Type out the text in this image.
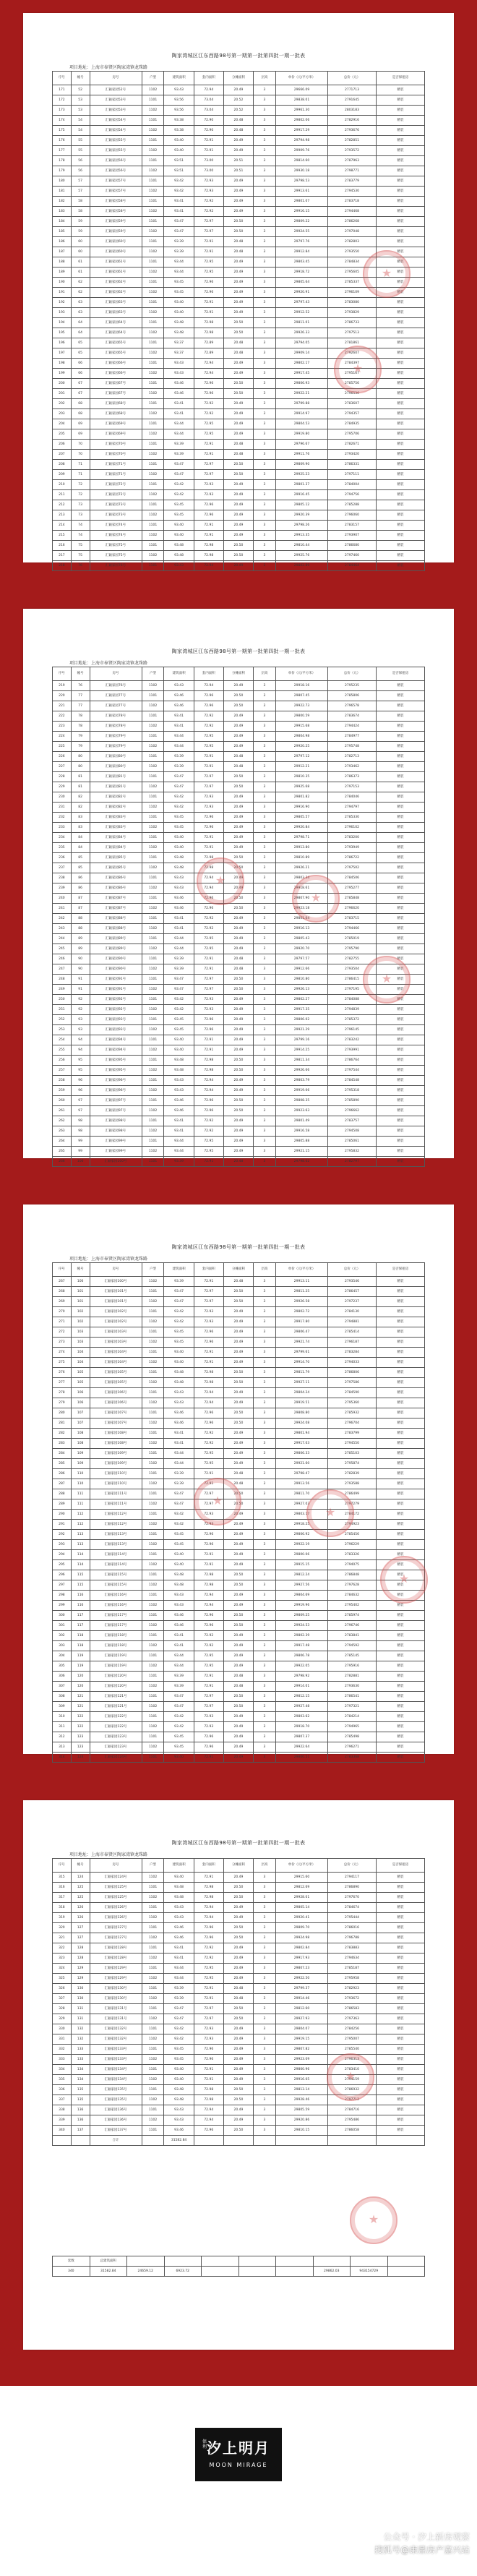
陶家湾城区江东西路98号第一期第一批第四批一期一批表
项目地址：上海市奉贤区陶家湾镇龙珠路
序号	幢号	房号	户型	建筑面积	套内面积	分摊面积	层高	单价（元/平方米）	总价（元）	是否保租房
171	52	汇颖家园52号	1102	93.43	72.94	20.49	3	29666.09	2771713	精装
172	53	汇颖家园53号	1101	93.56	73.04	20.52	3	29838.01	2791645	精装
173	53	汇颖家园53号	1102	93.56	73.04	20.52	3	29961.30	2803183	精装
174	54	汇颖家园54号	1101	93.38	72.90	20.48	3	29802.06	2782916	精装
175	54	汇颖家园54号	1102	93.38	72.90	20.48	3	29917.29	2793676	精装
176	55	汇颖家园55号	1101	93.40	72.91	20.49	3	29794.98	2782851	精装
177	55	汇颖家园55号	1102	93.40	72.91	20.49	3	29909.76	2793572	精装
178	56	汇颖家园56号	1101	93.51	73.00	20.51	3	29814.60	2787963	精装
179	56	汇颖家园56号	1102	93.51	73.00	20.51	3	29930.18	2798771	精装
180	57	汇颖家园57号	1101	93.42	72.93	20.49	3	29798.53	2783779	精装
181	57	汇颖家园57号	1102	93.42	72.93	20.49	3	29913.61	2794530	精装
182	58	汇颖家园58号	1101	93.41	72.92	20.49	3	29801.07	2783718	精装
183	58	汇颖家园58号	1102	93.41	72.92	20.49	3	29916.15	2794468	精装
184	59	汇颖家园59号	1101	93.47	72.97	20.50	3	29809.22	2786268	精装
185	59	汇颖家园59号	1102	93.47	72.97	20.50	3	29924.55	2797048	精装
186	60	汇颖家园60号	1101	93.39	72.91	20.48	3	29797.76	2782803	精装
187	60	汇颖家园60号	1102	93.39	72.91	20.48	3	29912.84	2793550	精装
188	61	汇颖家园61号	1101	93.44	72.95	20.49	3	29803.45	2784834	精装
189	61	汇颖家园61号	1102	93.44	72.95	20.49	3	29918.72	2795605	精装
190	62	汇颖家园62号	1101	93.45	72.96	20.49	3	29805.64	2785337	精装
191	62	汇颖家园62号	1102	93.45	72.96	20.49	3	29920.91	2796109	精装
192	63	汇颖家园63号	1101	93.40	72.91	20.49	3	29797.43	2783080	精装
193	63	汇颖家园63号	1102	93.40	72.91	20.49	3	29912.52	2793829	精装
194	64	汇颖家园64号	1101	93.48	72.98	20.50	3	29811.01	2786733	精装
195	64	汇颖家园64号	1102	93.48	72.98	20.50	3	29926.33	2797513	精装
196	65	汇颖家园65号	1101	93.37	72.89	20.48	3	29794.05	2781861	精装
197	65	汇颖家园65号	1102	93.37	72.89	20.48	3	29909.14	2792607	精装
198	66	汇颖家园66号	1101	93.43	72.94	20.49	3	29802.17	2784397	精装
199	66	汇颖家园66号	1102	93.43	72.94	20.49	3	29917.45	2795167	精装
200	67	汇颖家园67号	1101	93.46	72.96	20.50	3	29806.93	2785756	精装
201	67	汇颖家园67号	1102	93.46	72.96	20.50	3	29922.21	2796530	精装
202	68	汇颖家园68号	1101	93.41	72.92	20.49	3	29799.88	2783607	精装
203	68	汇颖家园68号	1102	93.41	72.92	20.49	3	29914.97	2794357	精装
204	69	汇颖家园69号	1101	93.44	72.95	20.49	3	29804.53	2784935	精装
205	69	汇颖家园69号	1102	93.44	72.95	20.49	3	29919.80	2795706	精装
206	70	汇颖家园70号	1101	93.39	72.91	20.48	3	29796.67	2782671	精装
207	70	汇颖家园70号	1102	93.39	72.91	20.48	3	29911.76	2793420	精装
208	71	汇颖家园71号	1101	93.47	72.97	20.50	3	29809.90	2786331	精装
209	71	汇颖家园71号	1102	93.47	72.97	20.50	3	29925.23	2797111	精装
210	72	汇颖家园72号	1101	93.42	72.93	20.49	3	29801.37	2784004	精装
211	72	汇颖家园72号	1102	93.42	72.93	20.49	3	29916.45	2794756	精装
212	73	汇颖家园73号	1101	93.45	72.96	20.49	3	29805.12	2785288	精装
213	73	汇颖家园73号	1102	93.45	72.96	20.49	3	29920.39	2796060	精装
214	74	汇颖家园74号	1101	93.40	72.91	20.49	3	29798.26	2783157	精装
215	74	汇颖家园74号	1102	93.40	72.91	20.49	3	29913.35	2793907	精装
216	75	汇颖家园75号	1101	93.48	72.98	20.50	3	29810.44	2786680	精装
217	75	汇颖家园75号	1102	93.48	72.98	20.50	3	29925.76	2797460	精装
218	76	汇颖家园76号	1101	93.43	72.94	20.49	3	29802.89	2784464	精装
★
★
陶家湾城区江东西路98号第一期第一批第四批一期一批表
项目地址：上海市奉贤区陶家湾镇龙珠路
序号	幢号	房号	户型	建筑面积	套内面积	分摊面积	层高	单价（元/平方米）	总价（元）	是否保租房
219	76	汇颖家园76号	1102	93.43	72.94	20.49	3	29918.16	2795235	精装
220	77	汇颖家园77号	1101	93.46	72.96	20.50	3	29807.45	2785806	精装
221	77	汇颖家园77号	1102	93.46	72.96	20.50	3	29922.73	2796578	精装
222	78	汇颖家园78号	1101	93.41	72.92	20.49	3	29800.59	2783674	精装
223	78	汇颖家园78号	1102	93.41	72.92	20.49	3	29915.68	2794424	精装
224	79	汇颖家园79号	1101	93.44	72.95	20.49	3	29804.98	2784977	精装
225	79	汇颖家园79号	1102	93.44	72.95	20.49	3	29920.25	2795748	精装
226	80	汇颖家园80号	1101	93.39	72.91	20.48	3	29797.12	2782713	精装
227	80	汇颖家园80号	1102	93.39	72.91	20.48	3	29912.21	2793462	精装
228	81	汇颖家园81号	1101	93.47	72.97	20.50	3	29810.35	2786373	精装
229	81	汇颖家园81号	1102	93.47	72.97	20.50	3	29925.68	2797153	精装
230	82	汇颖家园82号	1101	93.42	72.93	20.49	3	29801.82	2784046	精装
231	82	汇颖家园82号	1102	93.42	72.93	20.49	3	29916.90	2794797	精装
232	83	汇颖家园83号	1101	93.45	72.96	20.49	3	29805.57	2785330	精装
233	83	汇颖家园83号	1102	93.45	72.96	20.49	3	29920.84	2796102	精装
234	84	汇颖家园84号	1101	93.40	72.91	20.49	3	29798.71	2783200	精装
235	84	汇颖家园84号	1102	93.40	72.91	20.49	3	29913.80	2793949	精装
236	85	汇颖家园85号	1101	93.48	72.98	20.50	3	29810.89	2786722	精装
237	85	汇颖家园85号	1102	93.48	72.98	20.50	3	29926.21	2797502	精装
238	86	汇颖家园86号	1101	93.43	72.94	20.49	3	29803.34	2784506	精装
239	86	汇颖家园86号	1102	93.43	72.94	20.49	3	29918.61	2795277	精装
240	87	汇颖家园87号	1101	93.46	72.96	20.50	3	29807.90	2785848	精装
241	87	汇颖家园87号	1102	93.46	72.96	20.50	3	29923.18	2796620	精装
242	88	汇颖家园88号	1101	93.41	72.92	20.49	3	29801.04	2783715	精装
243	88	汇颖家园88号	1102	93.41	72.92	20.49	3	29916.13	2794466	精装
244	89	汇颖家园89号	1101	93.44	72.95	20.49	3	29805.43	2785019	精装
245	89	汇颖家园89号	1102	93.44	72.95	20.49	3	29920.70	2795790	精装
246	90	汇颖家园90号	1101	93.39	72.91	20.48	3	29797.57	2782755	精装
247	90	汇颖家园90号	1102	93.39	72.91	20.48	3	29912.66	2793504	精装
248	91	汇颖家园91号	1101	93.47	72.97	20.50	3	29810.80	2786415	精装
249	91	汇颖家园91号	1102	93.47	72.97	20.50	3	29926.13	2797195	精装
250	92	汇颖家园92号	1101	93.42	72.93	20.49	3	29802.27	2784088	精装
251	92	汇颖家园92号	1102	93.42	72.93	20.49	3	29917.35	2794839	精装
252	93	汇颖家园93号	1101	93.45	72.96	20.49	3	29806.02	2785372	精装
253	93	汇颖家园93号	1102	93.45	72.96	20.49	3	29921.29	2796145	精装
254	94	汇颖家园94号	1101	93.40	72.91	20.49	3	29799.16	2783242	精装
255	94	汇颖家园94号	1102	93.40	72.91	20.49	3	29914.25	2793991	精装
256	95	汇颖家园95号	1101	93.48	72.98	20.50	3	29811.34	2786764	精装
257	95	汇颖家园95号	1102	93.48	72.98	20.50	3	29926.66	2797544	精装
258	96	汇颖家园96号	1101	93.43	72.94	20.49	3	29803.79	2784548	精装
259	96	汇颖家园96号	1102	93.43	72.94	20.49	3	29919.06	2795318	精装
260	97	汇颖家园97号	1101	93.46	72.96	20.50	3	29808.35	2785890	精装
261	97	汇颖家园97号	1102	93.46	72.96	20.50	3	29923.63	2796662	精装
262	98	汇颖家园98号	1101	93.41	72.92	20.49	3	29801.49	2783757	精装
263	98	汇颖家园98号	1102	93.41	72.92	20.49	3	29916.58	2794508	精装
264	99	汇颖家园99号	1101	93.44	72.95	20.49	3	29805.88	2785061	精装
265	99	汇颖家园99号	1102	93.44	72.95	20.49	3	29921.15	2795832	精装
266	100	汇颖家园100号	1101	93.39	72.91	20.48	3	29798.02	2782797	精装
★
★
★
陶家湾城区江东西路98号第一期第一批第四批一期一批表
项目地址：上海市奉贤区陶家湾镇龙珠路
序号	幢号	房号	户型	建筑面积	套内面积	分摊面积	层高	单价（元/平方米）	总价（元）	是否保租房
267	100	汇颖家园100号	1102	93.39	72.91	20.48	3	29913.11	2793546	精装
268	101	汇颖家园101号	1101	93.47	72.97	20.50	3	29811.25	2786457	精装
269	101	汇颖家园101号	1102	93.47	72.97	20.50	3	29926.58	2797237	精装
270	102	汇颖家园102号	1101	93.42	72.93	20.49	3	29802.72	2784130	精装
271	102	汇颖家园102号	1102	93.42	72.93	20.49	3	29917.80	2794881	精装
272	103	汇颖家园103号	1101	93.45	72.96	20.49	3	29806.47	2785414	精装
273	103	汇颖家园103号	1102	93.45	72.96	20.49	3	29921.74	2796187	精装
274	104	汇颖家园104号	1101	93.40	72.91	20.49	3	29799.61	2783284	精装
275	104	汇颖家园104号	1102	93.40	72.91	20.49	3	29914.70	2794033	精装
276	105	汇颖家园105号	1101	93.48	72.98	20.50	3	29811.79	2786806	精装
277	105	汇颖家园105号	1102	93.48	72.98	20.50	3	29927.11	2797586	精装
278	106	汇颖家园106号	1101	93.43	72.94	20.49	3	29804.24	2784590	精装
279	106	汇颖家园106号	1102	93.43	72.94	20.49	3	29919.51	2795360	精装
280	107	汇颖家园107号	1101	93.46	72.96	20.50	3	29808.80	2785932	精装
281	107	汇颖家园107号	1102	93.46	72.96	20.50	3	29924.08	2796704	精装
282	108	汇颖家园108号	1101	93.41	72.92	20.49	3	29801.94	2783799	精装
283	108	汇颖家园108号	1102	93.41	72.92	20.49	3	29917.03	2794550	精装
284	109	汇颖家园109号	1101	93.44	72.95	20.49	3	29806.33	2785103	精装
285	109	汇颖家园109号	1102	93.44	72.95	20.49	3	29921.60	2795874	精装
286	110	汇颖家园110号	1101	93.39	72.91	20.48	3	29798.47	2782839	精装
287	110	汇颖家园110号	1102	93.39	72.91	20.48	3	29913.56	2793588	精装
288	111	汇颖家园111号	1101	93.47	72.97	20.50	3	29811.70	2786499	精装
289	111	汇颖家园111号	1102	93.47	72.97	20.50	3	29927.03	2797279	精装
290	112	汇颖家园112号	1101	93.42	72.93	20.49	3	29803.17	2784172	精装
291	112	汇颖家园112号	1102	93.42	72.93	20.49	3	29918.25	2794923	精装
292	113	汇颖家园113号	1101	93.45	72.96	20.49	3	29806.92	2785456	精装
293	113	汇颖家园113号	1102	93.45	72.96	20.49	3	29922.19	2796229	精装
294	114	汇颖家园114号	1101	93.40	72.91	20.49	3	29800.06	2783326	精装
295	114	汇颖家园114号	1102	93.40	72.91	20.49	3	29915.15	2794075	精装
296	115	汇颖家园115号	1101	93.48	72.98	20.50	3	29812.24	2786848	精装
297	115	汇颖家园115号	1102	93.48	72.98	20.50	3	29927.56	2797628	精装
298	116	汇颖家园116号	1101	93.43	72.94	20.49	3	29804.69	2784632	精装
299	116	汇颖家园116号	1102	93.43	72.94	20.49	3	29919.96	2795402	精装
300	117	汇颖家园117号	1101	93.46	72.96	20.50	3	29809.25	2785974	精装
301	117	汇颖家园117号	1102	93.46	72.96	20.50	3	29924.53	2796746	精装
302	118	汇颖家园118号	1101	93.41	72.92	20.49	3	29802.39	2783841	精装
303	118	汇颖家园118号	1102	93.41	72.92	20.49	3	29917.48	2794592	精装
304	119	汇颖家园119号	1101	93.44	72.95	20.49	3	29806.78	2785145	精装
305	119	汇颖家园119号	1102	93.44	72.95	20.49	3	29922.05	2795916	精装
306	120	汇颖家园120号	1101	93.39	72.91	20.48	3	29798.92	2782881	精装
307	120	汇颖家园120号	1102	93.39	72.91	20.48	3	29914.01	2793630	精装
308	121	汇颖家园121号	1101	93.47	72.97	20.50	3	29812.15	2786541	精装
309	121	汇颖家园121号	1102	93.47	72.97	20.50	3	29927.48	2797321	精装
310	122	汇颖家园122号	1101	93.42	72.93	20.49	3	29803.62	2784214	精装
311	122	汇颖家园122号	1102	93.42	72.93	20.49	3	29918.70	2794965	精装
312	123	汇颖家园123号	1101	93.45	72.96	20.49	3	29807.37	2785498	精装
313	123	汇颖家园123号	1102	93.45	72.96	20.49	3	29922.64	2796271	精装
314	124	汇颖家园124号	1101	93.40	72.91	20.49	3	29800.51	2783368	精装
★
★
★
陶家湾城区江东西路98号第一期第一批第四批一期一批表
项目地址：上海市奉贤区陶家湾镇龙珠路
序号	幢号	房号	户型	建筑面积	套内面积	分摊面积	层高	单价（元/平方米）	总价（元）	是否保租房
315	124	汇颖家园124号	1102	93.40	72.91	20.49	3	29915.60	2794117	精装
316	125	汇颖家园125号	1101	93.48	72.98	20.50	3	29812.69	2786890	精装
317	125	汇颖家园125号	1102	93.48	72.98	20.50	3	29928.01	2797670	精装
318	126	汇颖家园126号	1101	93.43	72.94	20.49	3	29805.14	2784674	精装
319	126	汇颖家园126号	1102	93.43	72.94	20.49	3	29920.41	2795444	精装
320	127	汇颖家园127号	1101	93.46	72.96	20.50	3	29809.70	2786016	精装
321	127	汇颖家园127号	1102	93.46	72.96	20.50	3	29924.98	2796788	精装
322	128	汇颖家园128号	1101	93.41	72.92	20.49	3	29802.84	2783883	精装
323	128	汇颖家园128号	1102	93.41	72.92	20.49	3	29917.93	2794634	精装
324	129	汇颖家园129号	1101	93.44	72.95	20.49	3	29807.23	2785187	精装
325	129	汇颖家园129号	1102	93.44	72.95	20.49	3	29922.50	2795958	精装
326	130	汇颖家园130号	1101	93.39	72.91	20.48	3	29799.37	2782923	精装
327	130	汇颖家园130号	1102	93.39	72.91	20.48	3	29914.46	2793672	精装
328	131	汇颖家园131号	1101	93.47	72.97	20.50	3	29812.60	2786583	精装
329	131	汇颖家园131号	1102	93.47	72.97	20.50	3	29927.93	2797363	精装
330	132	汇颖家园132号	1101	93.42	72.93	20.49	3	29804.07	2784256	精装
331	132	汇颖家园132号	1102	93.42	72.93	20.49	3	29919.15	2795007	精装
332	133	汇颖家园133号	1101	93.45	72.96	20.49	3	29807.82	2785540	精装
333	133	汇颖家园133号	1102	93.45	72.96	20.49	3	29923.09	2796313	精装
334	134	汇颖家园134号	1101	93.40	72.91	20.49	3	29800.96	2783410	精装
335	134	汇颖家园134号	1102	93.40	72.91	20.49	3	29916.05	2794159	精装
336	135	汇颖家园135号	1101	93.48	72.98	20.50	3	29813.14	2786932	精装
337	135	汇颖家园135号	1102	93.48	72.98	20.50	3	29928.46	2797712	精装
338	136	汇颖家园136号	1101	93.43	72.94	20.49	3	29805.59	2784716	精装
339	136	汇颖家园136号	1102	93.43	72.94	20.49	3	29920.86	2795486	精装
340	137	汇颖家园137号	1101	93.46	72.96	20.50	3	29810.15	2786058	精装
		合计		31582.84						
套数	总建筑面积								
340	31582.84	24659.12	6923.72				29862.03	943154729	
★
★
保利 汐上明月
MOON MIRAGE
公众号 · 汐上新房观察
搜狐号@康鼎房产嘉兴站
